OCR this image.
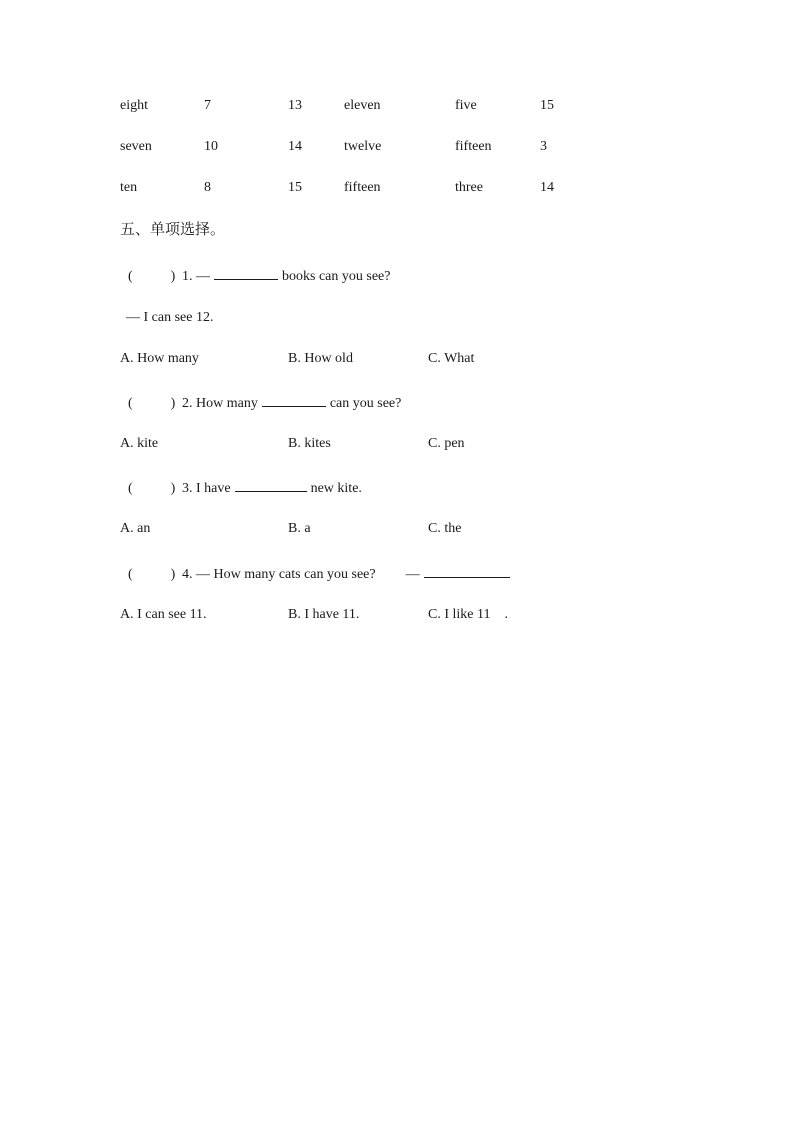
eight	7	13	eleven	five	15
seven	10	14	twelve	fifteen	3
ten	8	15	fifteen	three	14
五、单项选择。
(	) 1. —	books can you see?
— I can see 12.
A. How many	B. How old	C. What
(	) 2. How many	can you see?
A. kite	B. kites	C. pen
(	) 3. I have	new kite.
A. an	B. a	C. the
(	) 4. — How many cats can you see? —
A. I can see 11.	B. I have 11.	C. I like 11    .
